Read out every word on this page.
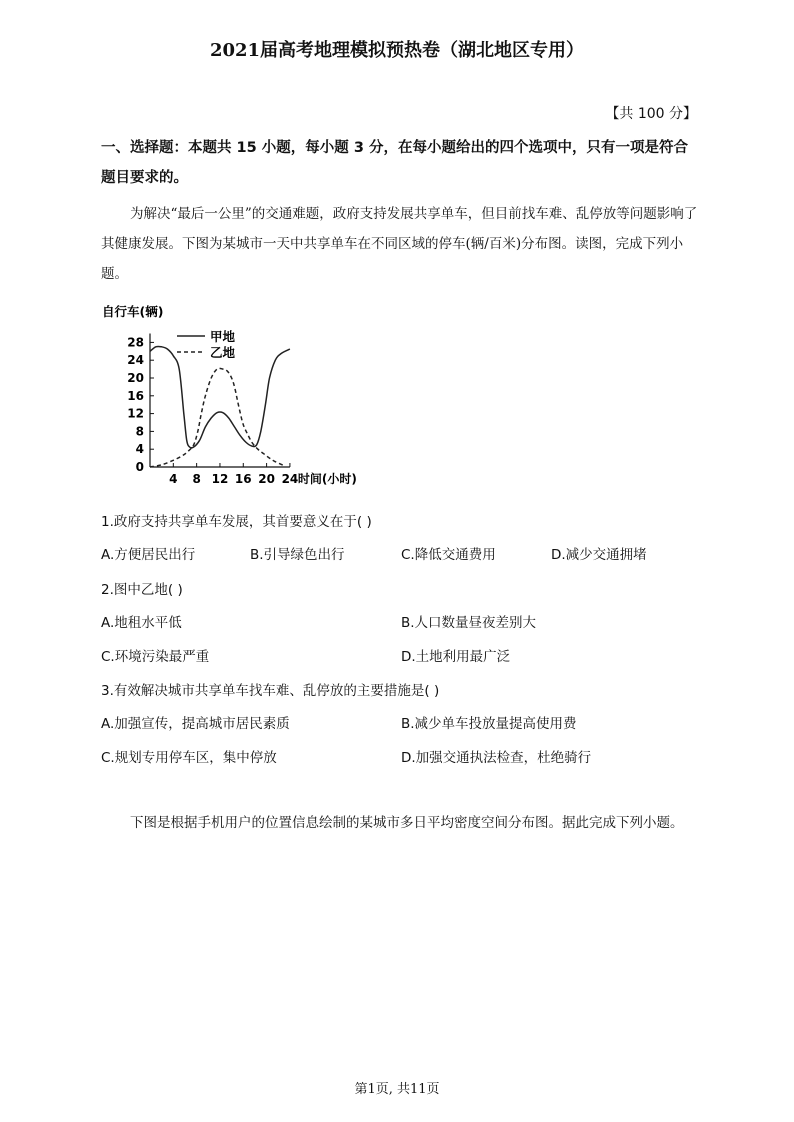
2021届高考地理模拟预热卷（湖北地区专用）
【共 100 分】
一、选择题：本题共 15 小题，每小题 3 分，在每小题给出的四个选项中，只有一项是符合题目要求的。
为解决“最后一公里”的交通难题，政府支持发展共享单车，但目前找车难、乱停放等问题影响了其健康发展。下图为某城市一天中共享单车在不同区域的停车(辆/百米)分布图。读图，完成下列小题。
自行车(辆)
0
4
8
12
16
20
24
28
4 8 12 16 20 24 时间(小时)
甲地
乙地
1.政府支持共享单车发展，其首要意义在于( )
A.方便居民出行	B.引导绿色出行	C.降低交通费用	D.减少交通拥堵
2.图中乙地( )
A.地租水平低	B.人口数量昼夜差别大
C.环境污染最严重	D.土地利用最广泛
3.有效解决城市共享单车找车难、乱停放的主要措施是( )
A.加强宣传，提高城市居民素质	B.减少单车投放量提高使用费
C.规划专用停车区，集中停放	D.加强交通执法检查，杜绝骑行
下图是根据手机用户的位置信息绘制的某城市多日平均密度空间分布图。据此完成下列小题。
第1页, 共11页
